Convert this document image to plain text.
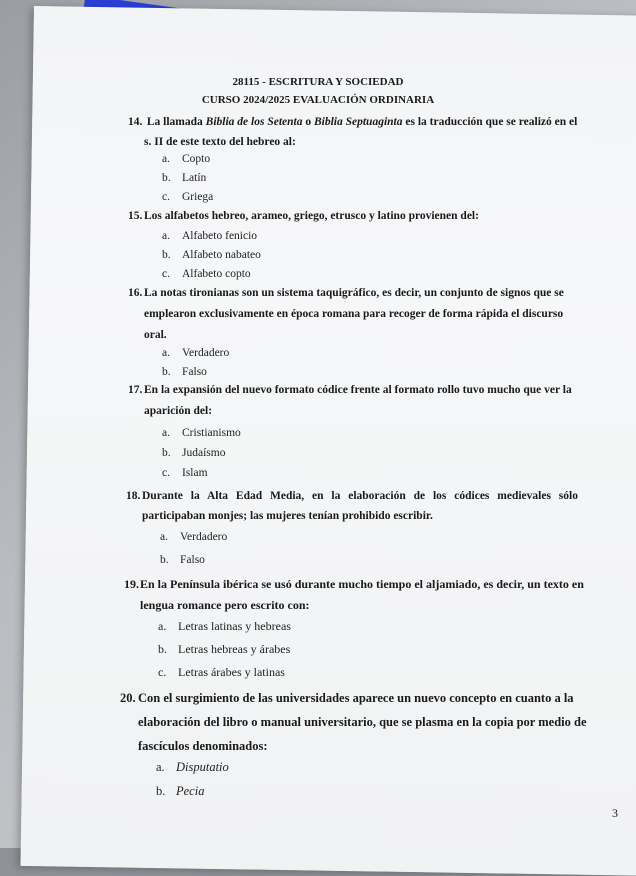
28115 - ESCRITURA Y SOCIEDAD
CURSO 2024/2025 EVALUACIÓN ORDINARIA
14. La llamada Biblia de los Setenta o Biblia Septuaginta es la traducción que se realizó en el
s. II de este texto del hebreo al:
a. Copto
b. Latín
c. Griega
15. Los alfabetos hebreo, arameo, griego, etrusco y latino provienen del:
a. Alfabeto fenicio
b. Alfabeto nabateo
c. Alfabeto copto
16. La notas tironianas son un sistema taquigráfico, es decir, un conjunto de signos que se
emplearon exclusivamente en época romana para recoger de forma rápida el discurso
oral.
a. Verdadero
b. Falso
17. En la expansión del nuevo formato códice frente al formato rollo tuvo mucho que ver la
aparición del:
a. Cristianismo
b. Judaísmo
c. Islam
18. Durante la Alta Edad Media, en la elaboración de los códices medievales sólo
participaban monjes; las mujeres tenían prohibido escribir.
a. Verdadero
b. Falso
19.En la Península ibérica se usó durante mucho tiempo el aljamiado, es decir, un texto en
lengua romance pero escrito con:
a. Letras latinas y hebreas
b. Letras hebreas y árabes
c. Letras árabes y latinas
20. Con el surgimiento de las universidades aparece un nuevo concepto en cuanto a la
elaboración del libro o manual universitario, que se plasma en la copia por medio de
fascículos denominados:
a. Disputatio
b. Pecia
3
